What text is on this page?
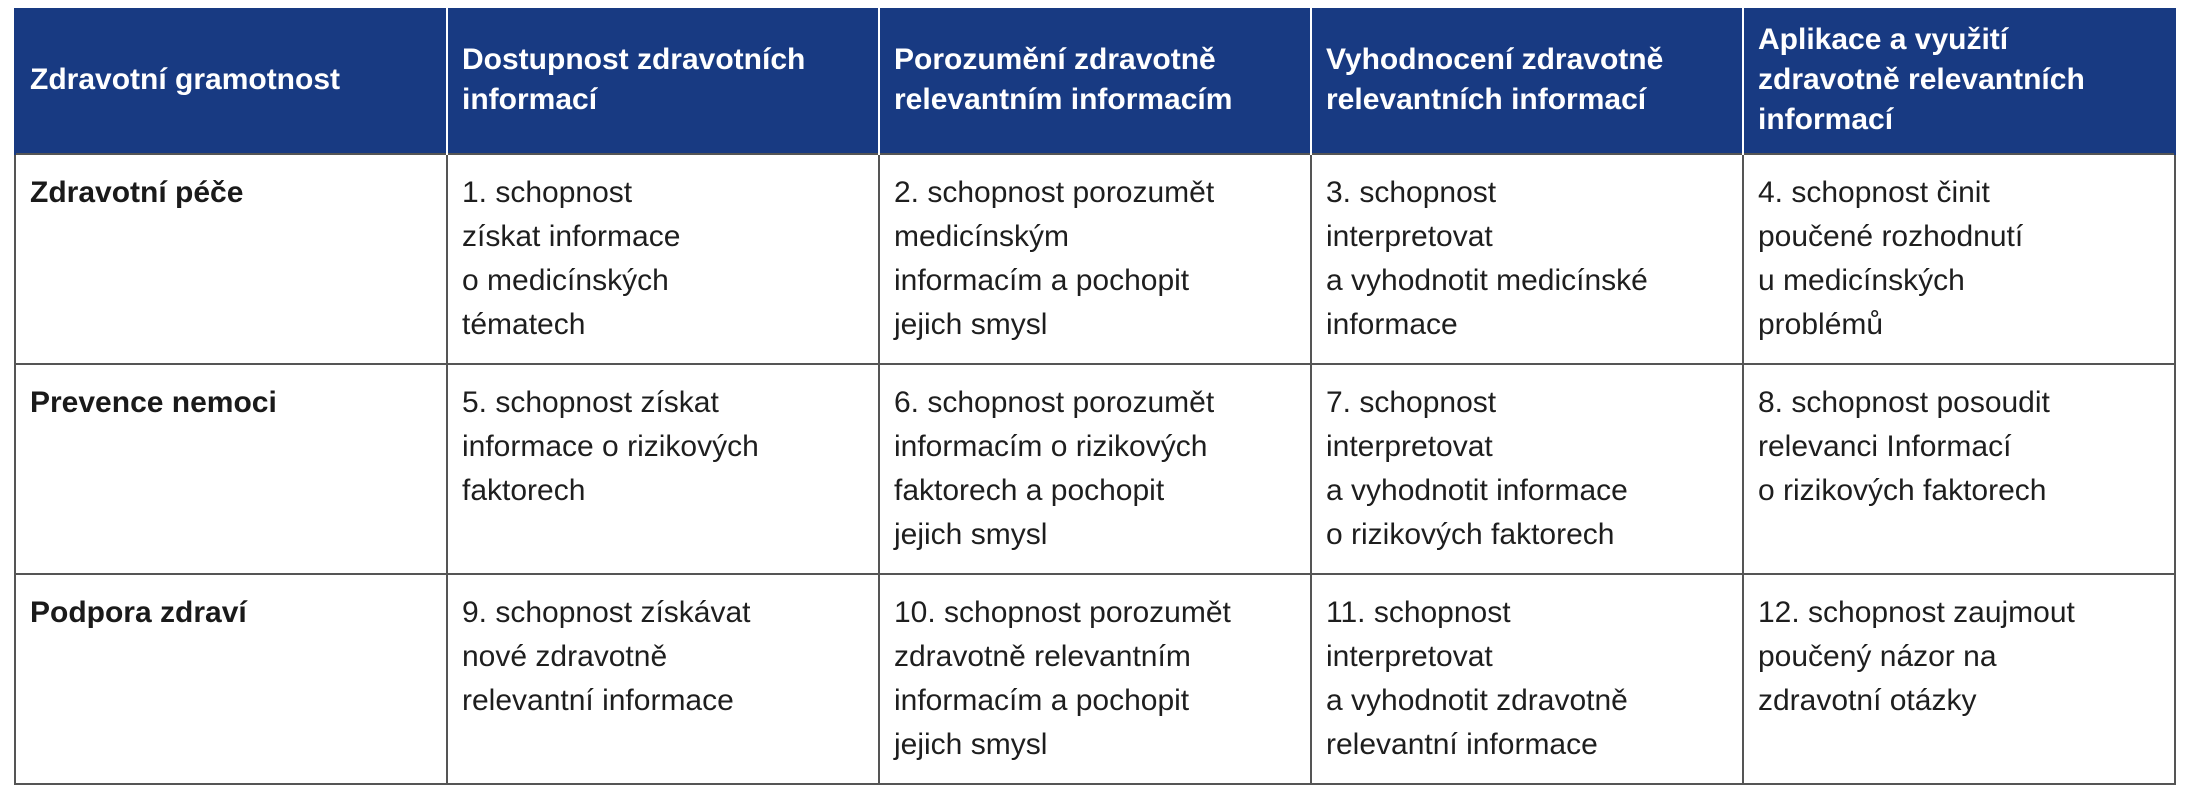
Zdravotní gramotnost	Dostupnost zdravotních
informací	Porozumění zdravotně
relevantním informacím	Vyhodnocení zdravotně
relevantních informací	Aplikace a využití
zdravotně relevantních
informací
Zdravotní péče	1. schopnost
získat informace
o medicínských
tématech	2. schopnost porozumět
medicínským
informacím a pochopit
jejich smysl	3. schopnost
interpretovat
a vyhodnotit medicínské
informace	4. schopnost činit
poučené rozhodnutí
u medicínských
problémů
Prevence nemoci	5. schopnost získat
informace o rizikových
faktorech	6. schopnost porozumět
informacím o rizikových
faktorech a pochopit
jejich smysl	7. schopnost
interpretovat
a vyhodnotit informace
o rizikových faktorech	8. schopnost posoudit
relevanci Informací
o rizikových faktorech
Podpora zdraví	9. schopnost získávat
nové zdravotně
relevantní informace	10. schopnost porozumět
zdravotně relevantním
informacím a pochopit
jejich smysl	11. schopnost
interpretovat
a vyhodnotit zdravotně
relevantní informace	12. schopnost zaujmout
poučený názor na
zdravotní otázky
